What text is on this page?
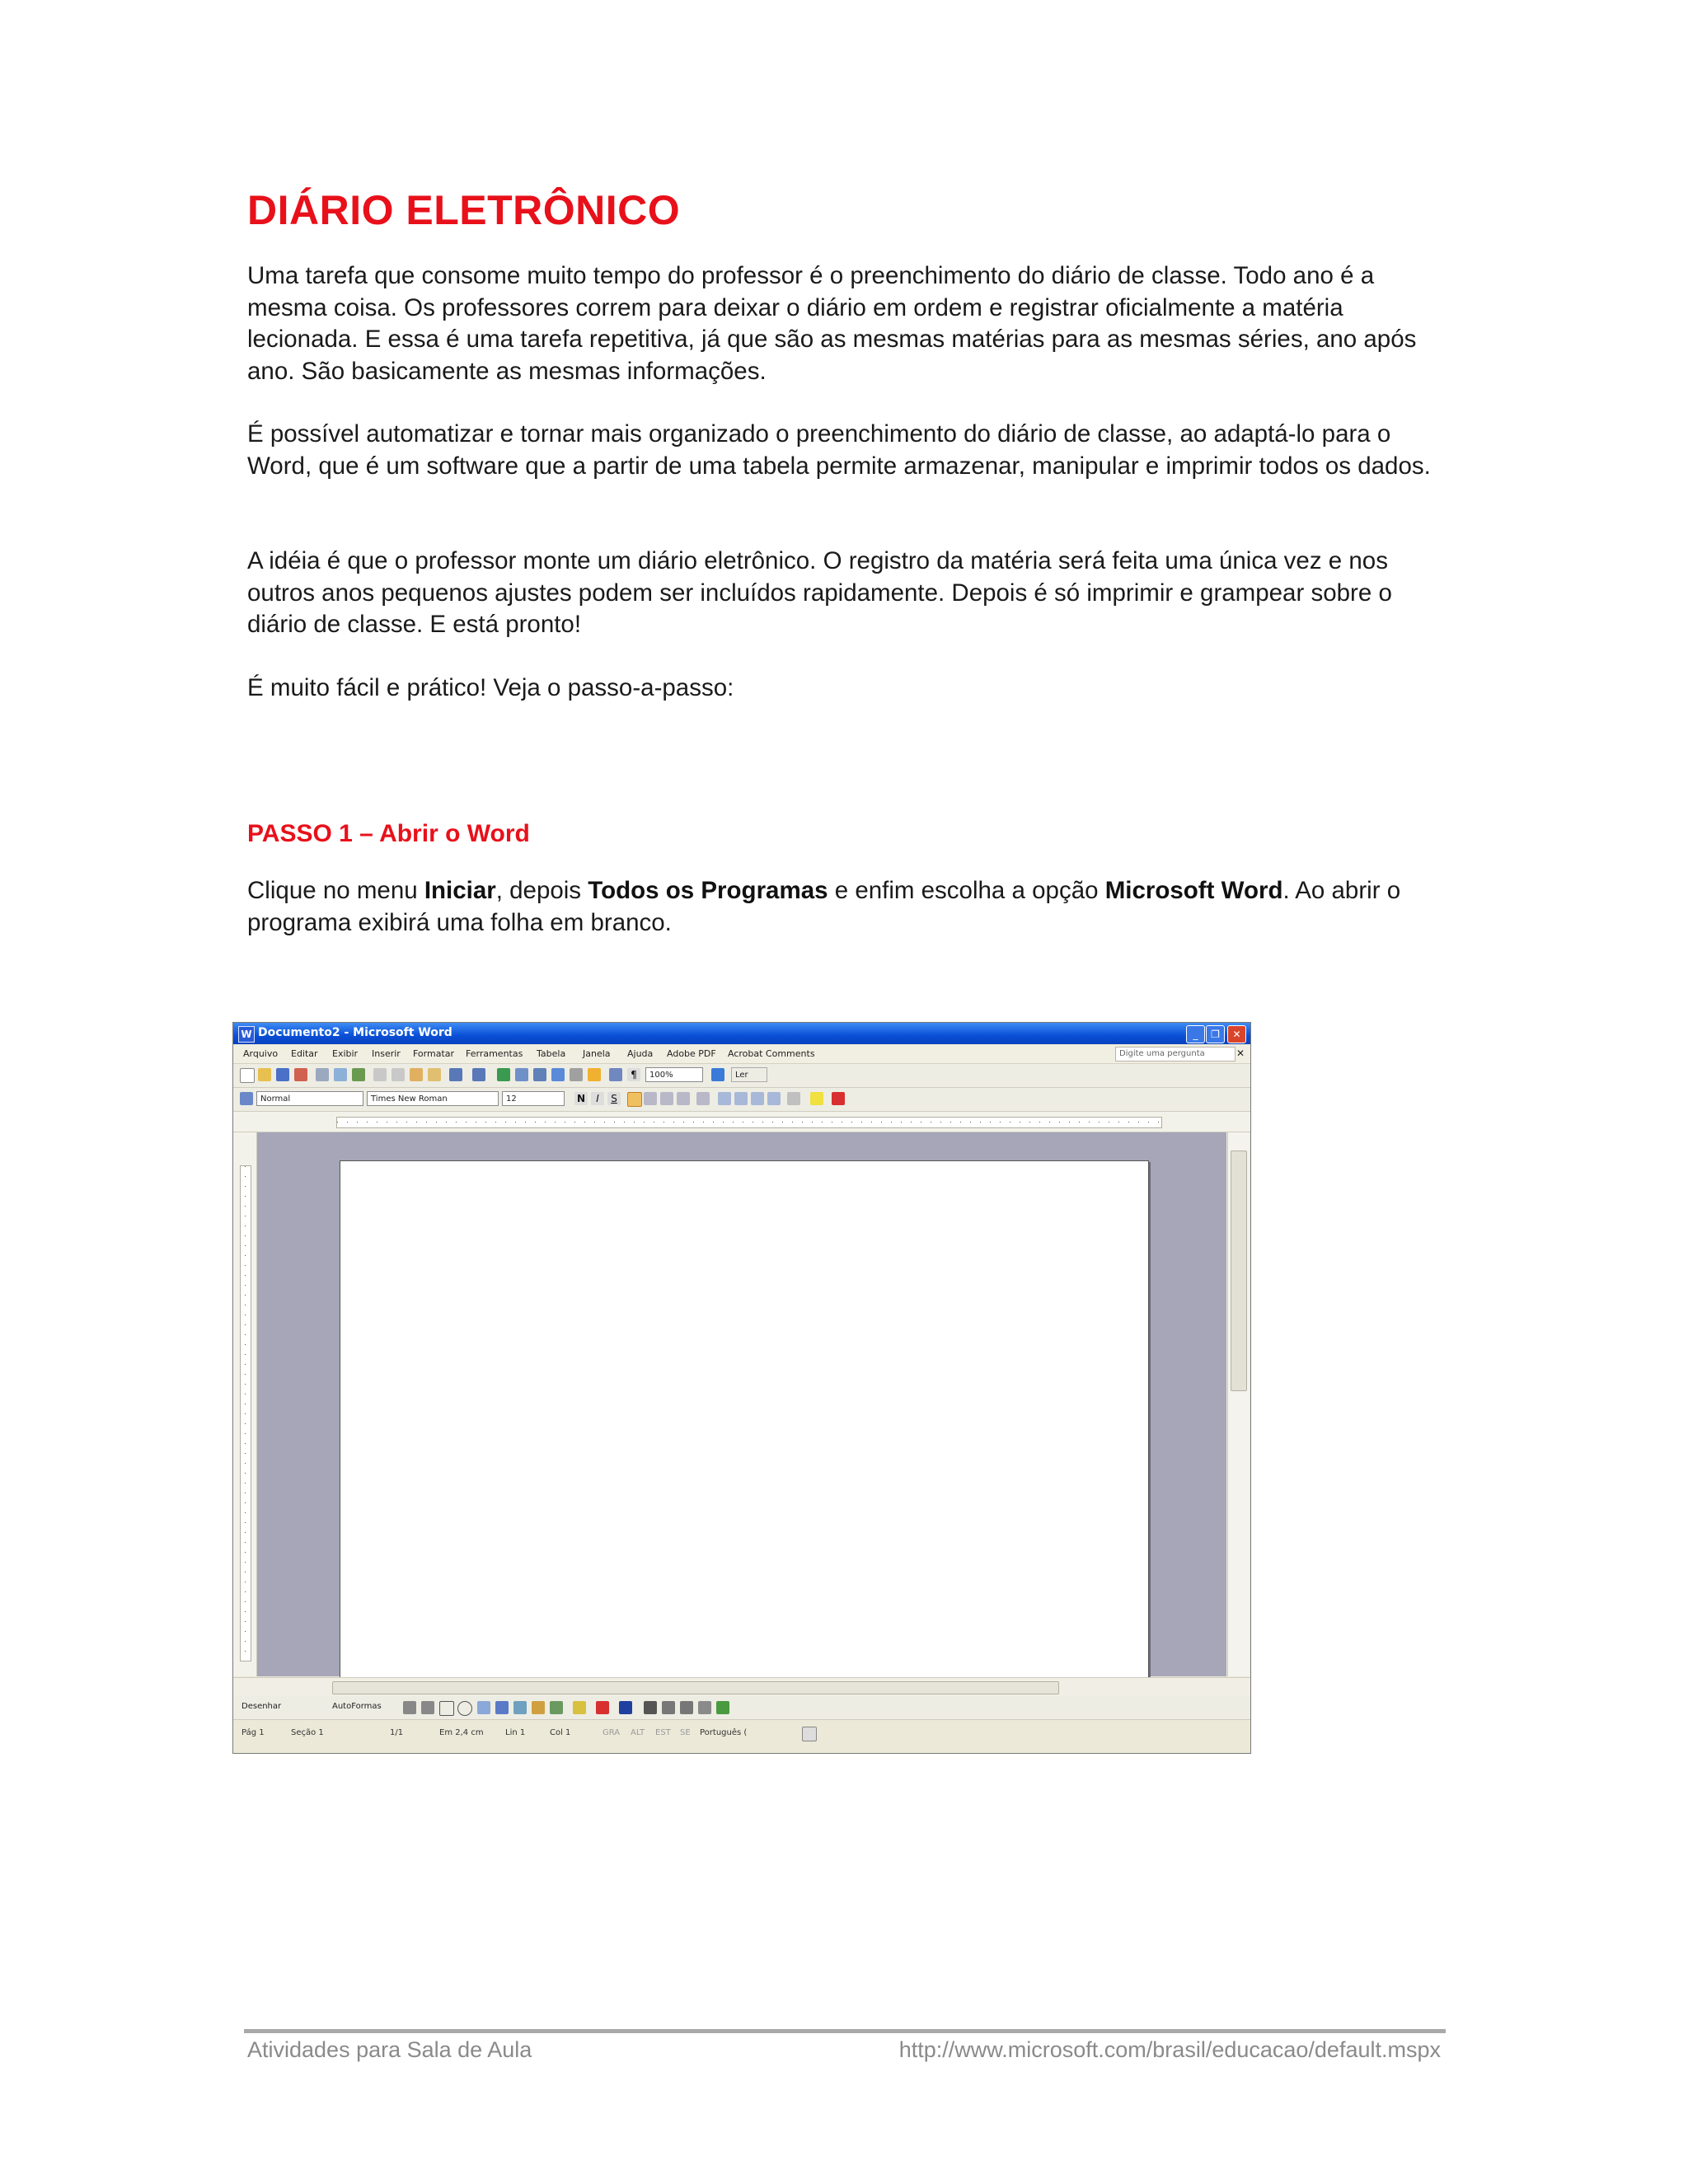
DIÁRIO ELETRÔNICO

Uma tarefa que consome muito tempo do professor é o preenchimento do diário de classe. Todo ano é a mesma coisa. Os professores correm para deixar o diário em ordem e registrar oficialmente a matéria lecionada. E essa é uma tarefa repetitiva, já que são as mesmas matérias para as mesmas séries, ano após ano. São basicamente as mesmas informações.

É possível automatizar e tornar mais organizado o preenchimento do diário de classe, ao adaptá-lo para o Word, que é um software que a partir de uma tabela permite armazenar, manipular e imprimir todos os dados.

A idéia é que o professor monte um diário eletrônico. O registro da matéria será feita uma única vez e nos outros anos pequenos ajustes podem ser incluídos rapidamente. Depois é só imprimir e grampear sobre o diário de classe. E está pronto!

É muito fácil e prático! Veja o passo-a-passo:

PASSO 1 – Abrir o Word

Clique no menu Iniciar, depois Todos os Programas e enfim escolha a opção Microsoft Word. Ao abrir o programa exibirá uma folha em branco.

W Documento2 - Microsoft Word	_	❐	✕
Arquivo Editar Exibir Inserir Formatar Ferramentas Tabela Janela Ajuda Adobe PDF Acrobat Comments	Digite uma pergunta	✕
¶	100%	Ler
Normal	Times New Roman	12	N	I	S
Desenhar	AutoFormas
Pág 1	Seção 1	1/1	Em 2,4 cm	Lin 1	Col 1	GRA ALT EST SE Português (

Atividades para Sala de Aula	http://www.microsoft.com/brasil/educacao/default.mspx
